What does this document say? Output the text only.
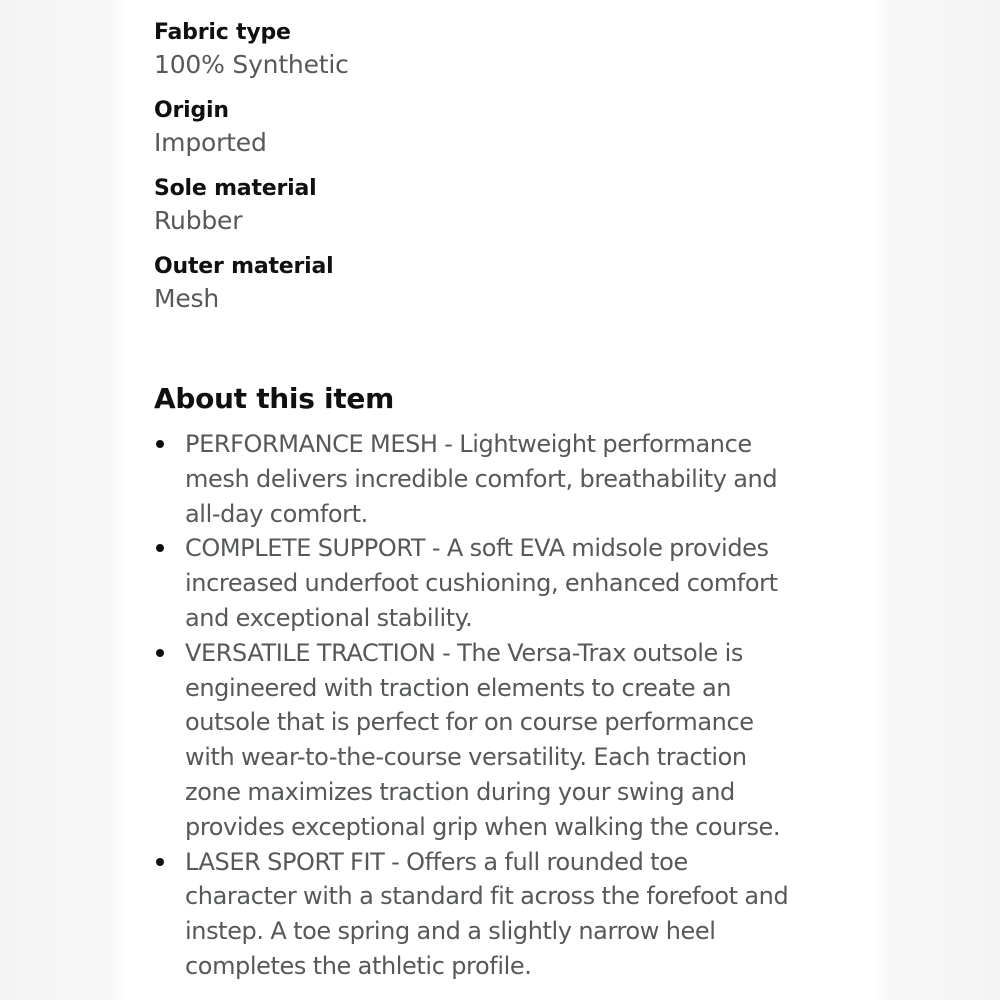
Fabric type
100% Synthetic
Origin
Imported
Sole material
Rubber
Outer material
Mesh
About this item
PERFORMANCE MESH - Lightweight performance
mesh delivers incredible comfort, breathability and
all-day comfort.
COMPLETE SUPPORT - A soft EVA midsole provides
increased underfoot cushioning, enhanced comfort
and exceptional stability.
VERSATILE TRACTION - The Versa-Trax outsole is
engineered with traction elements to create an
outsole that is perfect for on course performance
with wear-to-the-course versatility. Each traction
zone maximizes traction during your swing and
provides exceptional grip when walking the course.
LASER SPORT FIT - Offers a full rounded toe
character with a standard fit across the forefoot and
instep. A toe spring and a slightly narrow heel
completes the athletic profile.
